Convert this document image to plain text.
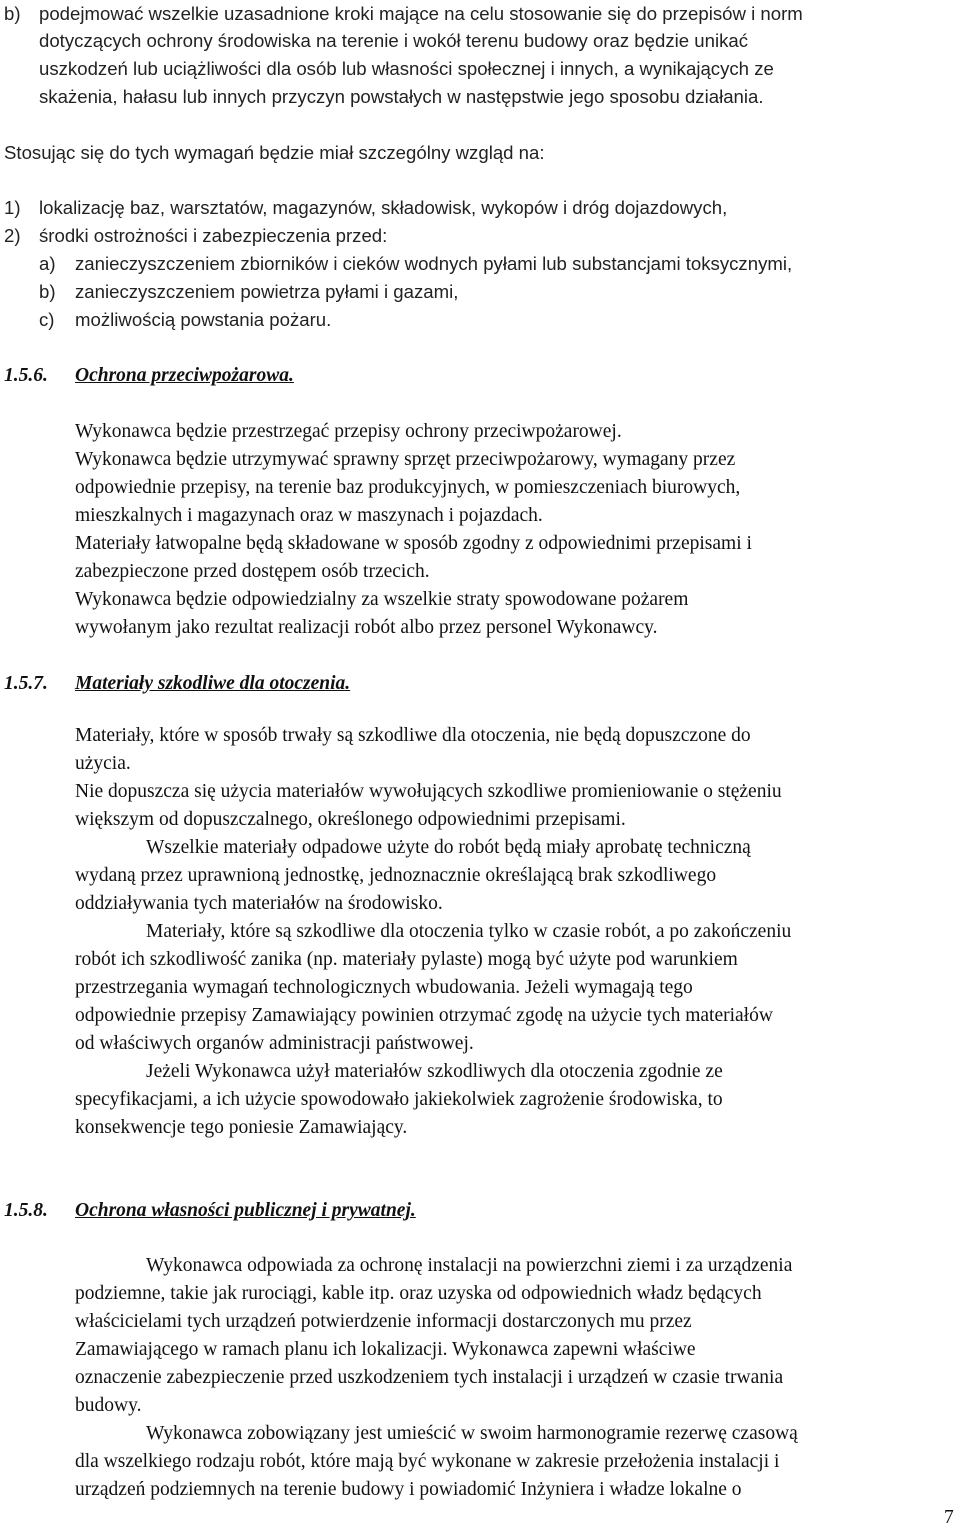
b) podejmować wszelkie uzasadnione kroki mające na celu stosowanie się do przepisów i norm
dotyczących ochrony środowiska na terenie i wokół terenu budowy oraz będzie unikać
uszkodzeń lub uciążliwości dla osób lub własności społecznej i innych, a wynikających ze
skażenia, hałasu lub innych przyczyn powstałych w następstwie jego sposobu działania.
Stosując się do tych wymagań będzie miał szczególny wzgląd na:
1) lokalizację baz, warsztatów, magazynów, składowisk, wykopów i dróg dojazdowych,
2) środki ostrożności i zabezpieczenia przed:
a) zanieczyszczeniem zbiorników i cieków wodnych pyłami lub substancjami toksycznymi,
b) zanieczyszczeniem powietrza pyłami i gazami,
c) możliwością powstania pożaru.
1.5.6. Ochrona przeciwpożarowa.
Wykonawca będzie przestrzegać przepisy ochrony przeciwpożarowej.
Wykonawca będzie utrzymywać sprawny sprzęt przeciwpożarowy, wymagany przez
odpowiednie przepisy, na terenie baz produkcyjnych, w pomieszczeniach biurowych,
mieszkalnych i magazynach oraz w maszynach i pojazdach.
Materiały łatwopalne będą składowane w sposób zgodny z odpowiednimi przepisami i
zabezpieczone przed dostępem osób trzecich.
Wykonawca będzie odpowiedzialny za wszelkie straty spowodowane pożarem
wywołanym jako rezultat realizacji robót albo przez personel Wykonawcy.
1.5.7. Materiały szkodliwe dla otoczenia.
Materiały, które w sposób trwały są szkodliwe dla otoczenia, nie będą dopuszczone do
użycia.
Nie dopuszcza się użycia materiałów wywołujących szkodliwe promieniowanie o stężeniu
większym od dopuszczalnego, określonego odpowiednimi przepisami.
Wszelkie materiały odpadowe użyte do robót będą miały aprobatę techniczną
wydaną przez uprawnioną jednostkę, jednoznacznie określającą brak szkodliwego
oddziaływania tych materiałów na środowisko.
Materiały, które są szkodliwe dla otoczenia tylko w czasie robót, a po zakończeniu
robót ich szkodliwość zanika (np. materiały pylaste) mogą być użyte pod warunkiem
przestrzegania wymagań technologicznych wbudowania. Jeżeli wymagają tego
odpowiednie przepisy Zamawiający powinien otrzymać zgodę na użycie tych materiałów
od właściwych organów administracji państwowej.
Jeżeli Wykonawca użył materiałów szkodliwych dla otoczenia zgodnie ze
specyfikacjami, a ich użycie spowodowało jakiekolwiek zagrożenie środowiska, to
konsekwencje tego poniesie Zamawiający.
1.5.8. Ochrona własności publicznej i prywatnej.
Wykonawca odpowiada za ochronę instalacji na powierzchni ziemi i za urządzenia
podziemne, takie jak rurociągi, kable itp. oraz uzyska od odpowiednich władz będących
właścicielami tych urządzeń potwierdzenie informacji dostarczonych mu przez
Zamawiającego w ramach planu ich lokalizacji. Wykonawca zapewni właściwe
oznaczenie zabezpieczenie przed uszkodzeniem tych instalacji i urządzeń w czasie trwania
budowy.
Wykonawca zobowiązany jest umieścić w swoim harmonogramie rezerwę czasową
dla wszelkiego rodzaju robót, które mają być wykonane w zakresie przełożenia instalacji i
urządzeń podziemnych na terenie budowy i powiadomić Inżyniera i władze lokalne o
7
